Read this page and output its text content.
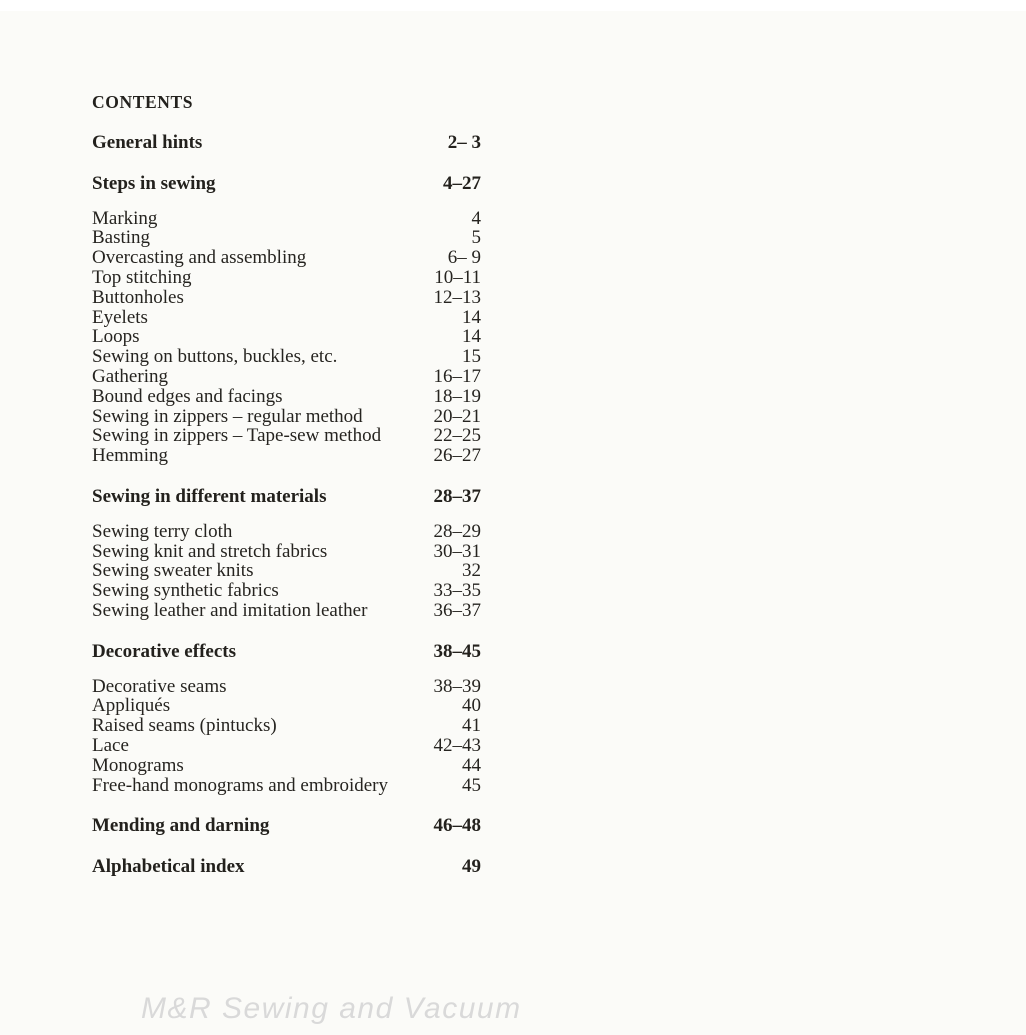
CONTENTS
General hints	2– 3
Steps in sewing	4–27
Marking	4
Basting	5
Overcasting and assembling	6– 9
Top stitching	10–11
Buttonholes	12–13
Eyelets	14
Loops	14
Sewing on buttons, buckles, etc.	15
Gathering	16–17
Bound edges and facings	18–19
Sewing in zippers – regular method	20–21
Sewing in zippers – Tape-sew method	22–25
Hemming	26–27
Sewing in different materials	28–37
Sewing terry cloth	28–29
Sewing knit and stretch fabrics	30–31
Sewing sweater knits	32
Sewing synthetic fabrics	33–35
Sewing leather and imitation leather	36–37
Decorative effects	38–45
Decorative seams	38–39
Appliqués	40
Raised seams (pintucks)	41
Lace	42–43
Monograms	44
Free-hand monograms and embroidery	45
Mending and darning	46–48
Alphabetical index	49
M&R Sewing and Vacuum
